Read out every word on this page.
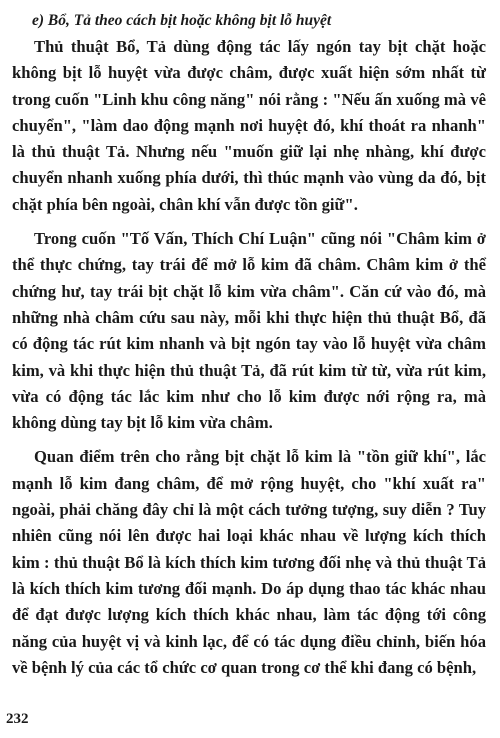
e) Bổ, Tả theo cách bịt hoặc không bịt lỗ huyệt

Thủ thuật Bổ, Tả dùng động tác lấy ngón tay bịt chặt hoặc không bịt lỗ huyệt vừa được châm, được xuất hiện sớm nhất từ trong cuốn "Linh khu công năng" nói rằng : "Nếu ấn xuống mà vê chuyển", "làm dao động mạnh nơi huyệt đó, khí thoát ra nhanh" là thủ thuật Tả. Nhưng nếu "muốn giữ lại nhẹ nhàng, khí được chuyển nhanh xuống phía dưới, thì thúc mạnh vào vùng da đó, bịt chặt phía bên ngoài, chân khí vẫn được tồn giữ".

Trong cuốn "Tố Vấn, Thích Chí Luận" cũng nói "Châm kim ở thể thực chứng, tay trái để mở lỗ kim đã châm. Châm kim ở thể chứng hư, tay trái bịt chặt lỗ kim vừa châm". Căn cứ vào đó, mà những nhà châm cứu sau này, mỗi khi thực hiện thủ thuật Bổ, đã có động tác rút kim nhanh và bịt ngón tay vào lỗ huyệt vừa châm kim, và khi thực hiện thủ thuật Tả, đã rút kim từ từ, vừa rút kim, vừa có động tác lắc kim như cho lỗ kim được nới rộng ra, mà không dùng tay bịt lỗ kim vừa châm.

Quan điểm trên cho rằng bịt chặt lỗ kim là "tồn giữ khí", lắc mạnh lỗ kim đang châm, để mở rộng huyệt, cho "khí xuất ra" ngoài, phải chăng đây chỉ là một cách tưởng tượng, suy diễn ? Tuy nhiên cũng nói lên được hai loại khác nhau về lượng kích thích kim : thủ thuật Bổ là kích thích kim tương đối nhẹ và thủ thuật Tả là kích thích kim tương đối mạnh. Do áp dụng thao tác khác nhau để đạt được lượng kích thích khác nhau, làm tác động tới công năng của huyệt vị và kinh lạc, để có tác dụng điều chỉnh, biến hóa về bệnh lý của các tổ chức cơ quan trong cơ thể khi đang có bệnh,

232
